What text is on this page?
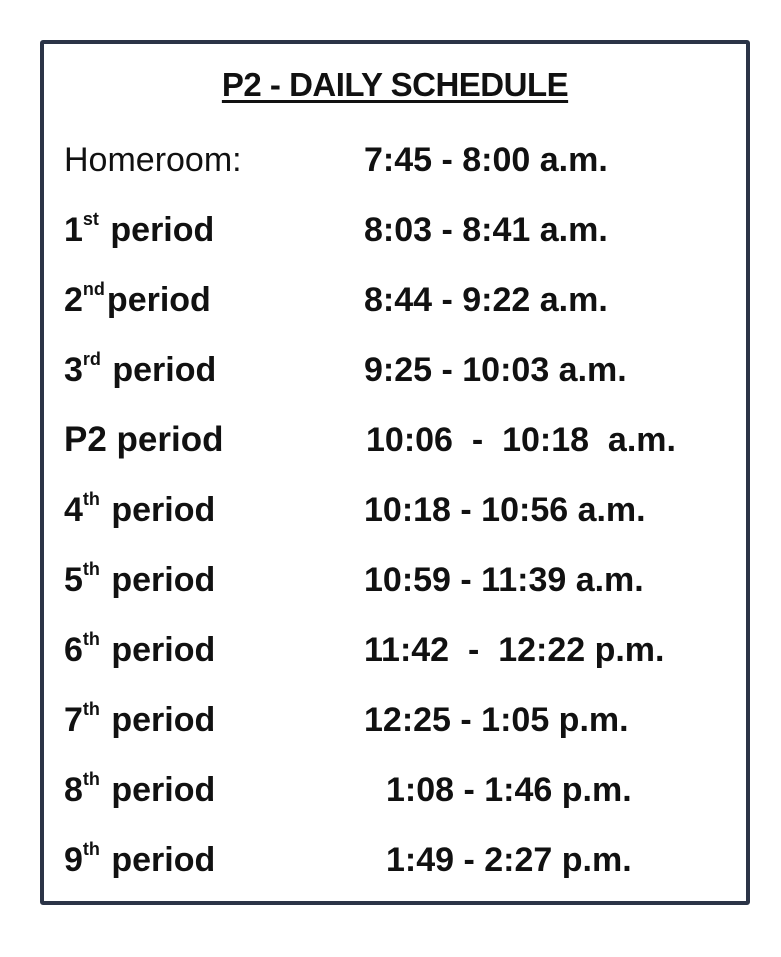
P2 - DAILY SCHEDULE
Homeroom:	7:45 - 8:00 a.m.
1st period	8:03 - 8:41 a.m.
2ndperiod	8:44 - 9:22 a.m.
3rd period	9:25 - 10:03 a.m.
P2 period	10:06  -  10:18  a.m.
4th period	10:18 - 10:56 a.m.
5th period	10:59 - 11:39 a.m.
6th period	11:42  -  12:22 p.m.
7th period	12:25 - 1:05 p.m.
8th period	1:08 - 1:46 p.m.
9th period	1:49 - 2:27 p.m.
